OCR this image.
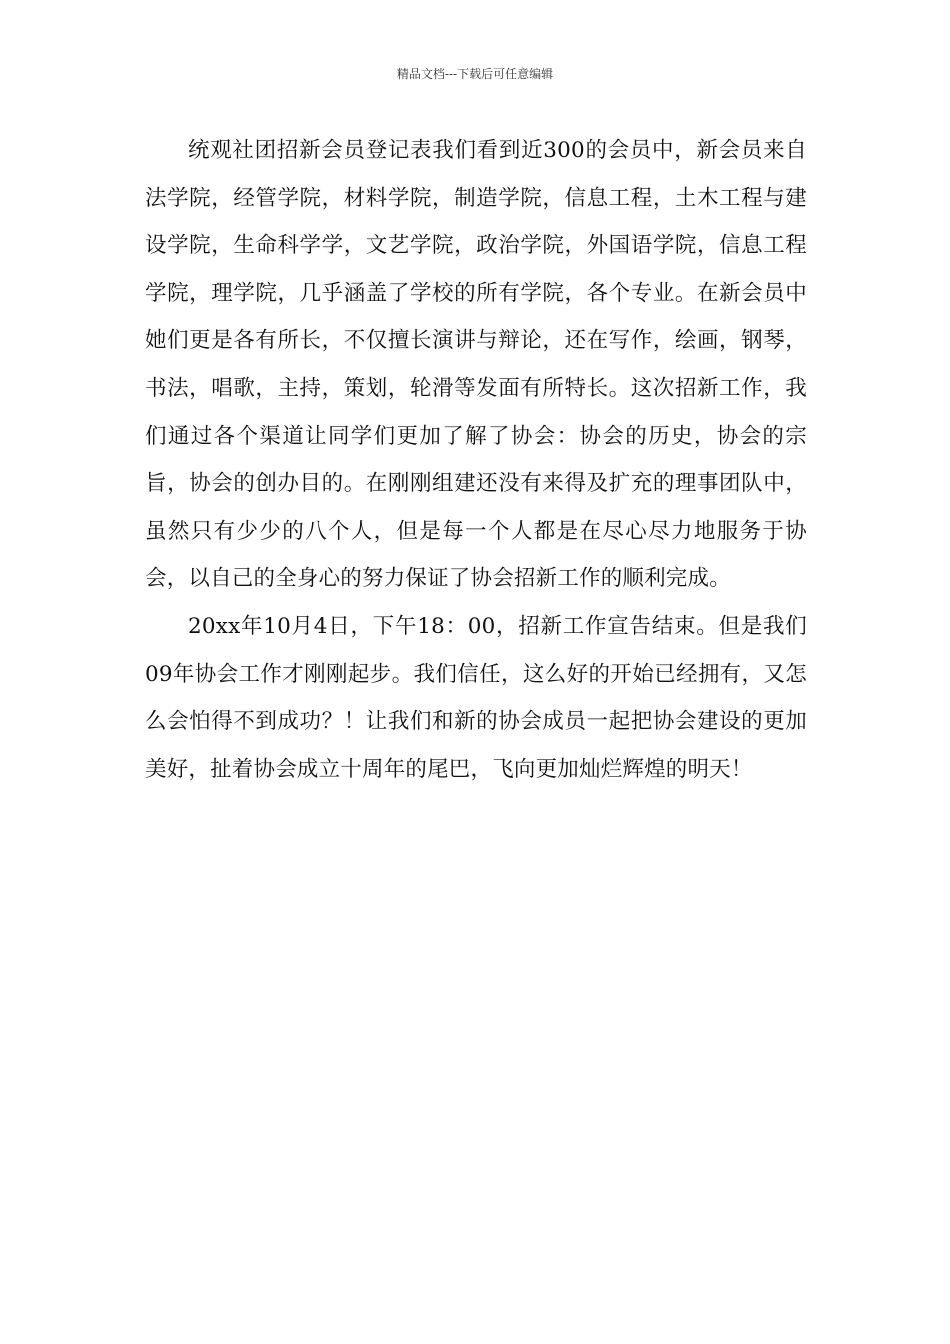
精品文档---下载后可任意编辑

统观社团招新会员登记表我们看到近300的会员中，新会员来自法学院，经管学院，材料学院，制造学院，信息工程，土木工程与建设学院，生命科学学，文艺学院，政治学院，外国语学院，信息工程学院，理学院，几乎涵盖了学校的所有学院，各个专业。在新会员中她们更是各有所长，不仅擅长演讲与辩论，还在写作，绘画，钢琴，书法，唱歌，主持，策划，轮滑等发面有所特长。这次招新工作，我们通过各个渠道让同学们更加了解了协会：协会的历史，协会的宗旨，协会的创办目的。在刚刚组建还没有来得及扩充的理事团队中，虽然只有少少的八个人，但是每一个人都是在尽心尽力地服务于协会，以自己的全身心的努力保证了协会招新工作的顺利完成。

20xx年10月4日，下午18：00，招新工作宣告结束。但是我们09年协会工作才刚刚起步。我们信任，这么好的开始已经拥有，又怎么会怕得不到成功？！让我们和新的协会成员一起把协会建设的更加美好，扯着协会成立十周年的尾巴，飞向更加灿烂辉煌的明天！
